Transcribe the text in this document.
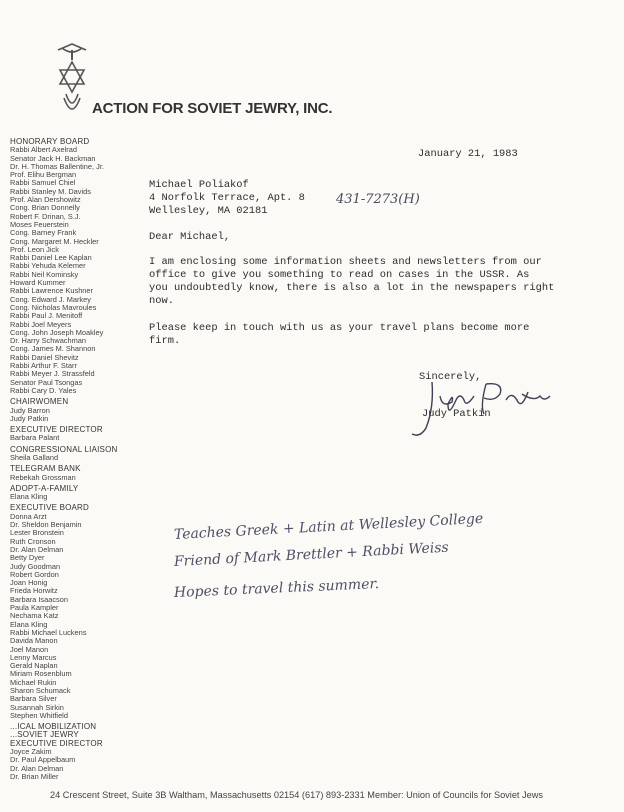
ACTION FOR SOVIET JEWRY, INC.
HONORARY BOARD
Rabbi Albert Axelrad
Senator Jack H. Backman
Dr. H. Thomas Ballentine, Jr.
Prof. Elihu Bergman
Rabbi Samuel Chiel
Rabbi Stanley M. Davids
Prof. Alan Dershowitz
Cong. Brian Donnelly
Robert F. Drinan, S.J.
Moses Feuerstein
Cong. Barney Frank
Cong. Margaret M. Heckler
Prof. Leon Jick
Rabbi Daniel Lee Kaplan
Rabbi Yehuda Kelemer
Rabbi Neil Kominsky
Howard Kummer
Rabbi Lawrence Kushner
Cong. Edward J. Markey
Cong. Nicholas Mavroules
Rabbi Paul J. Menitoff
Rabbi Joel Meyers
Cong. John Joseph Moakley
Dr. Harry Schwachman
Cong. James M. Shannon
Rabbi Daniel Shevitz
Rabbi Arthur F. Starr
Rabbi Meyer J. Strassfeld
Senator Paul Tsongas
Rabbi Cary D. Yales
CHAIRWOMEN
Judy Barron
Judy Patkin
EXECUTIVE DIRECTOR
Barbara Palant
CONGRESSIONAL LIAISON
Sheila Galland
TELEGRAM BANK
Rebekah Grossman
ADOPT-A-FAMILY
Elana Kling
EXECUTIVE BOARD
Donna Arzt
Dr. Sheldon Benjamin
Lester Bronstein
Ruth Cronson
Dr. Alan Delman
Betty Dyer
Judy Goodman
Robert Gordon
Joan Honig
Frieda Horwitz
Barbara Isaacson
Paula Kampler
Nechama Katz
Elana Kling
Rabbi Michael Luckens
Davida Manon
Joel Manon
Lenny Marcus
Gerald Naplan
Miriam Rosenblum
Michael Rukin
Sharon Schumack
Barbara Silver
Susannah Sirkin
Stephen Whitfield
...ICAL MOBILIZATION
...SOVIET JEWRY
EXECUTIVE DIRECTOR
Joyce Zakim
Dr. Paul Appelbaum
Dr. Alan Delman
Dr. Brian Miller
January 21, 1983
Michael Poliakof
4 Norfolk Terrace, Apt. 8
Wellesley, MA 02181
431-7273(H)
Dear Michael,
I am enclosing some information sheets and newsletters from our
office to give you something to read on cases in the USSR. As
you undoubtedly know, there is also a lot in the newspapers right
now.
Please keep in touch with us as your travel plans become more
firm.
Sincerely,
Judy Patkin
Teaches Greek + Latin at Wellesley College
Friend of Mark Brettler + Rabbi Weiss
Hopes to travel this summer.
24 Crescent Street, Suite 3B Waltham, Massachusetts 02154 (617) 893-2331 Member: Union of Councils for Soviet Jews
